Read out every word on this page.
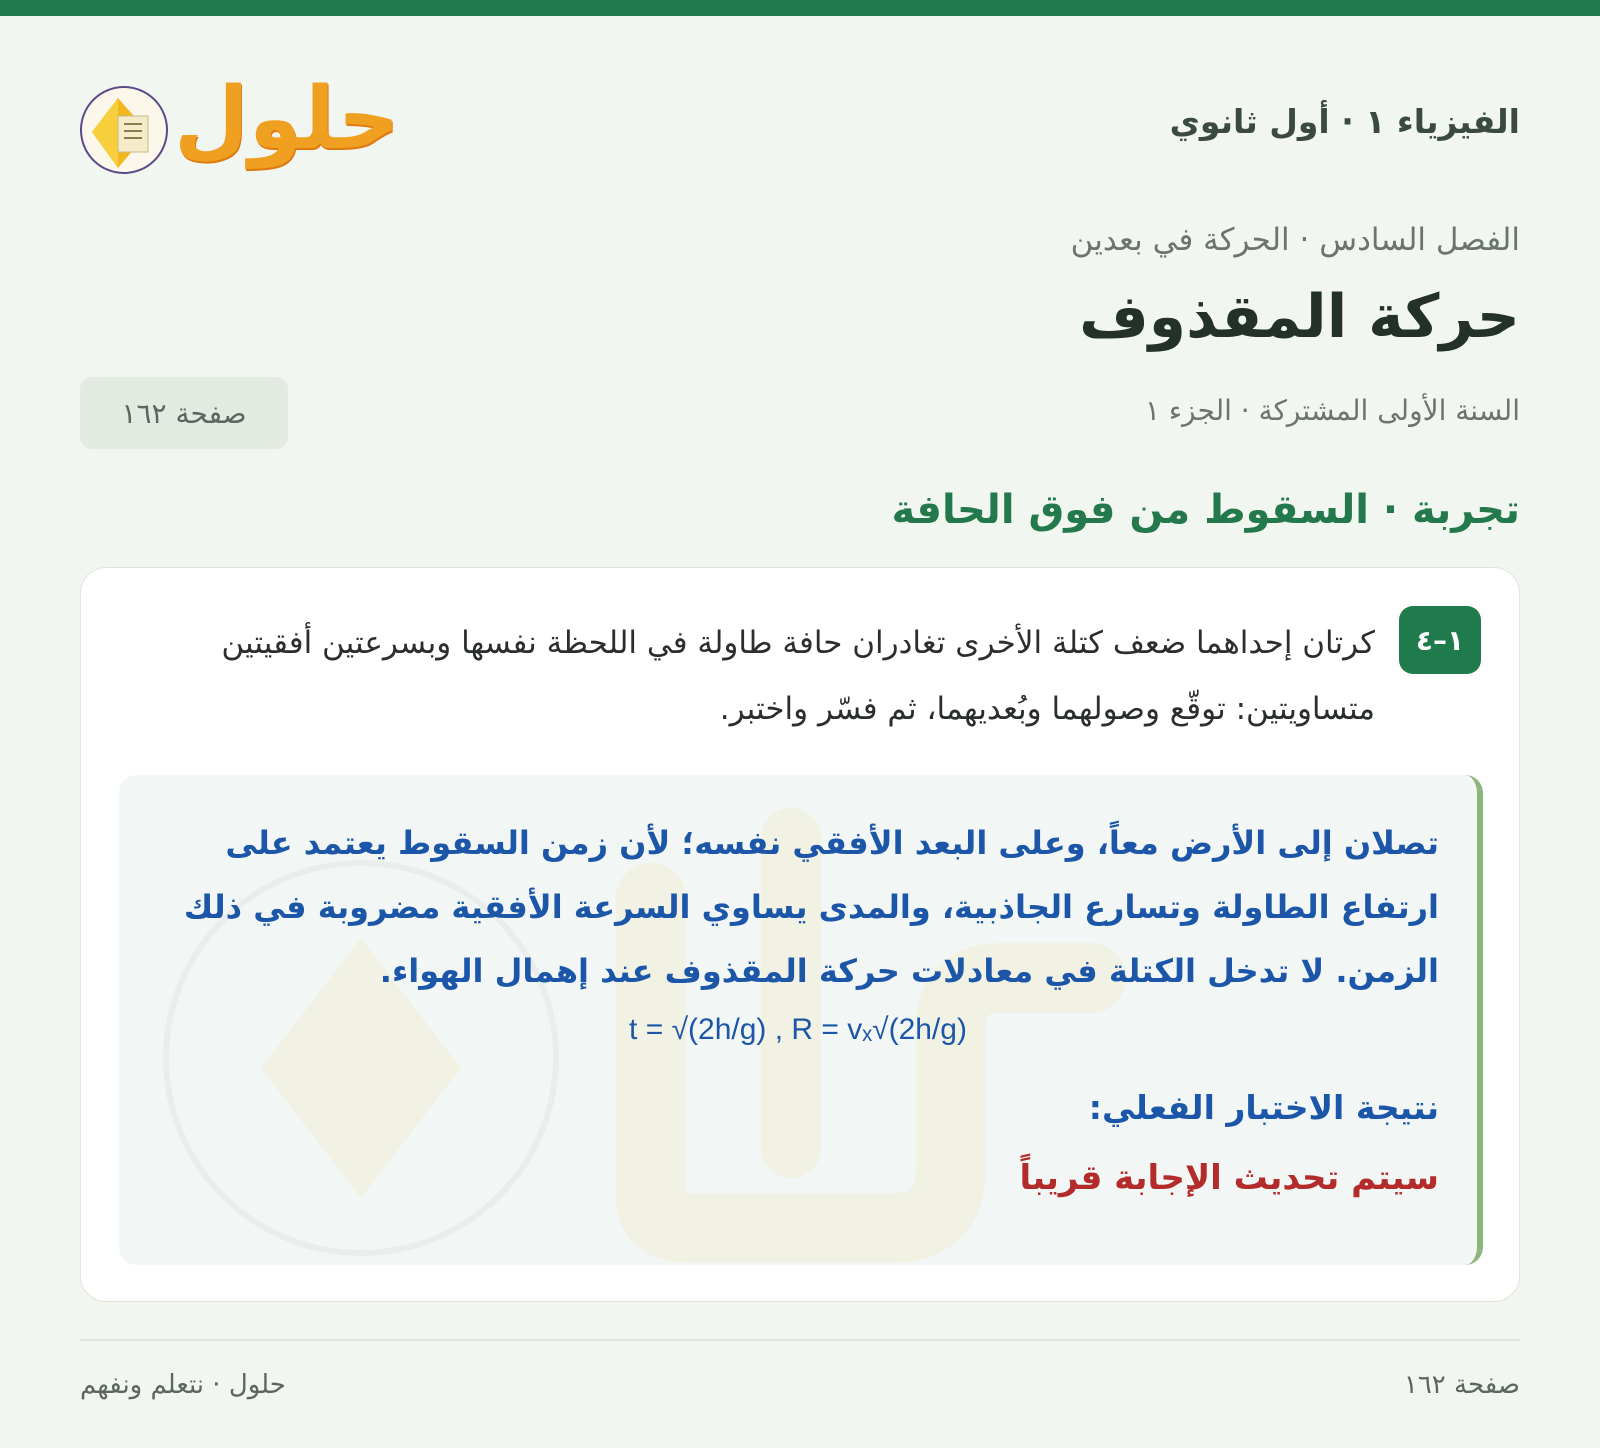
الفيزياء ١ · أول ثانوي
حلول
الفصل السادس · الحركة في بعدين
حركة المقذوف
السنة الأولى المشتركة · الجزء ١
صفحة ١٦٢
تجربة · السقوط من فوق الحافة
١–٤
كرتان إحداهما ضعف كتلة الأخرى تغادران حافة طاولة في اللحظة نفسها وبسرعتين أفقيتين متساويتين: توقّع وصولهما وبُعديهما، ثم فسّر واختبر.
تصلان إلى الأرض معاً، وعلى البعد الأفقي نفسه؛ لأن زمن السقوط يعتمد على ارتفاع الطاولة وتسارع الجاذبية، والمدى يساوي السرعة الأفقية مضروبة في ذلك الزمن. لا تدخل الكتلة في معادلات حركة المقذوف عند إهمال الهواء.
t = √(2h/g) , R = vₓ√(2h/g)
نتيجة الاختبار الفعلي:
سيتم تحديث الإجابة قريباً
صفحة ١٦٢
حلول · نتعلم ونفهم
